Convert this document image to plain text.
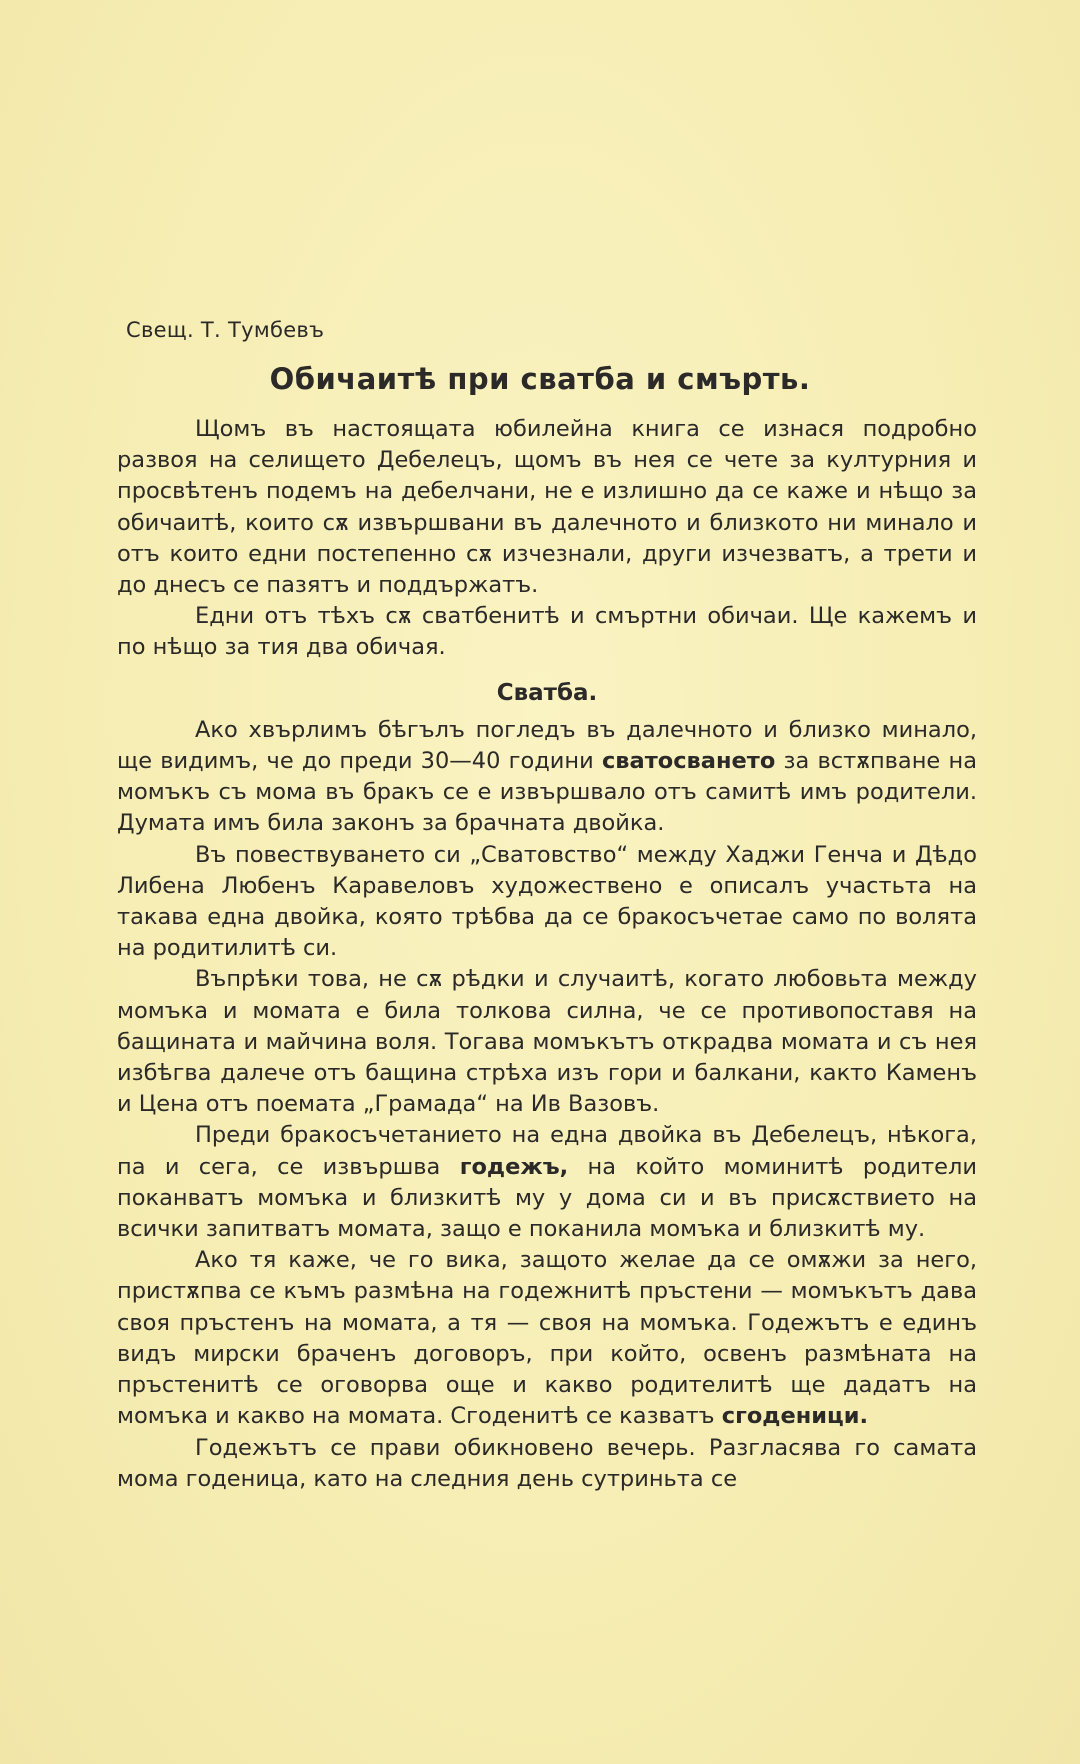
Свещ. Т. Тумбевъ
Обичаитѣ при сватба и смърть.

Щомъ въ настоящата юбилейна книга се изнася подробно развоя на селището Дебелецъ, щомъ въ нея се чете за културния и просвѣтенъ подемъ на дебелчани, не е излишно да се каже и нѣщо за обичаитѣ, които сѫ извършвани въ далечното и близкото ни минало и отъ които едни постепенно сѫ изчезнали, други изчезватъ, а трети и до днесъ се пазятъ и поддържатъ.

Едни отъ тѣхъ сѫ сватбенитѣ и смъртни обичаи. Ще кажемъ и по нѣщо за тия два обичая.

Сватба.

Ако хвърлимъ бѣгълъ погледъ въ далечното и близко минало, ще видимъ, че до преди 30—40 години сватосването за встѫпване на момъкъ съ мома въ бракъ се е извършвало отъ самитѣ имъ родители. Думата имъ била законъ за брачната двойка.

Въ повествуването си „Сватовство“ между Хаджи Генча и Дѣдо Либена Любенъ Каравеловъ художествено е описалъ участьта на такава една двойка, която трѣбва да се бракосъчетае само по волята на родитилитѣ си.

Въпрѣки това, не сѫ рѣдки и случаитѣ, когато любовьта между момъка и момата е била толкова силна, че се противопоставя на бащината и майчина воля. Тогава момъкътъ открадва момата и съ нея избѣгва далече отъ бащина стрѣха изъ гори и балкани, както Каменъ и Цена отъ поемата „Грамада“ на Ив Вазовъ.

Преди бракосъчетанието на една двойка въ Дебелецъ, нѣкога, па и сега, се извършва годежъ, на който моминитѣ родители поканватъ момъка и близкитѣ му у дома си и въ присѫствието на всички запитватъ момата, защо е поканила момъка и близкитѣ му.

Ако тя каже, че го вика, защото желае да се омѫжи за него, пристѫпва се къмъ размѣна на годежнитѣ пръстени — момъкътъ дава своя пръстенъ на момата, а тя — своя на момъка. Годежътъ е единъ видъ мирски браченъ договоръ, при който, освенъ размѣната на пръстенитѣ се оговорва още и какво родителитѣ ще дадатъ на момъка и какво на момата. Сгоденитѣ се казватъ сгоденици.

Годежътъ се прави обикновено вечерь. Разгласява го самата мома годеница, като на следния день сутриньта се
